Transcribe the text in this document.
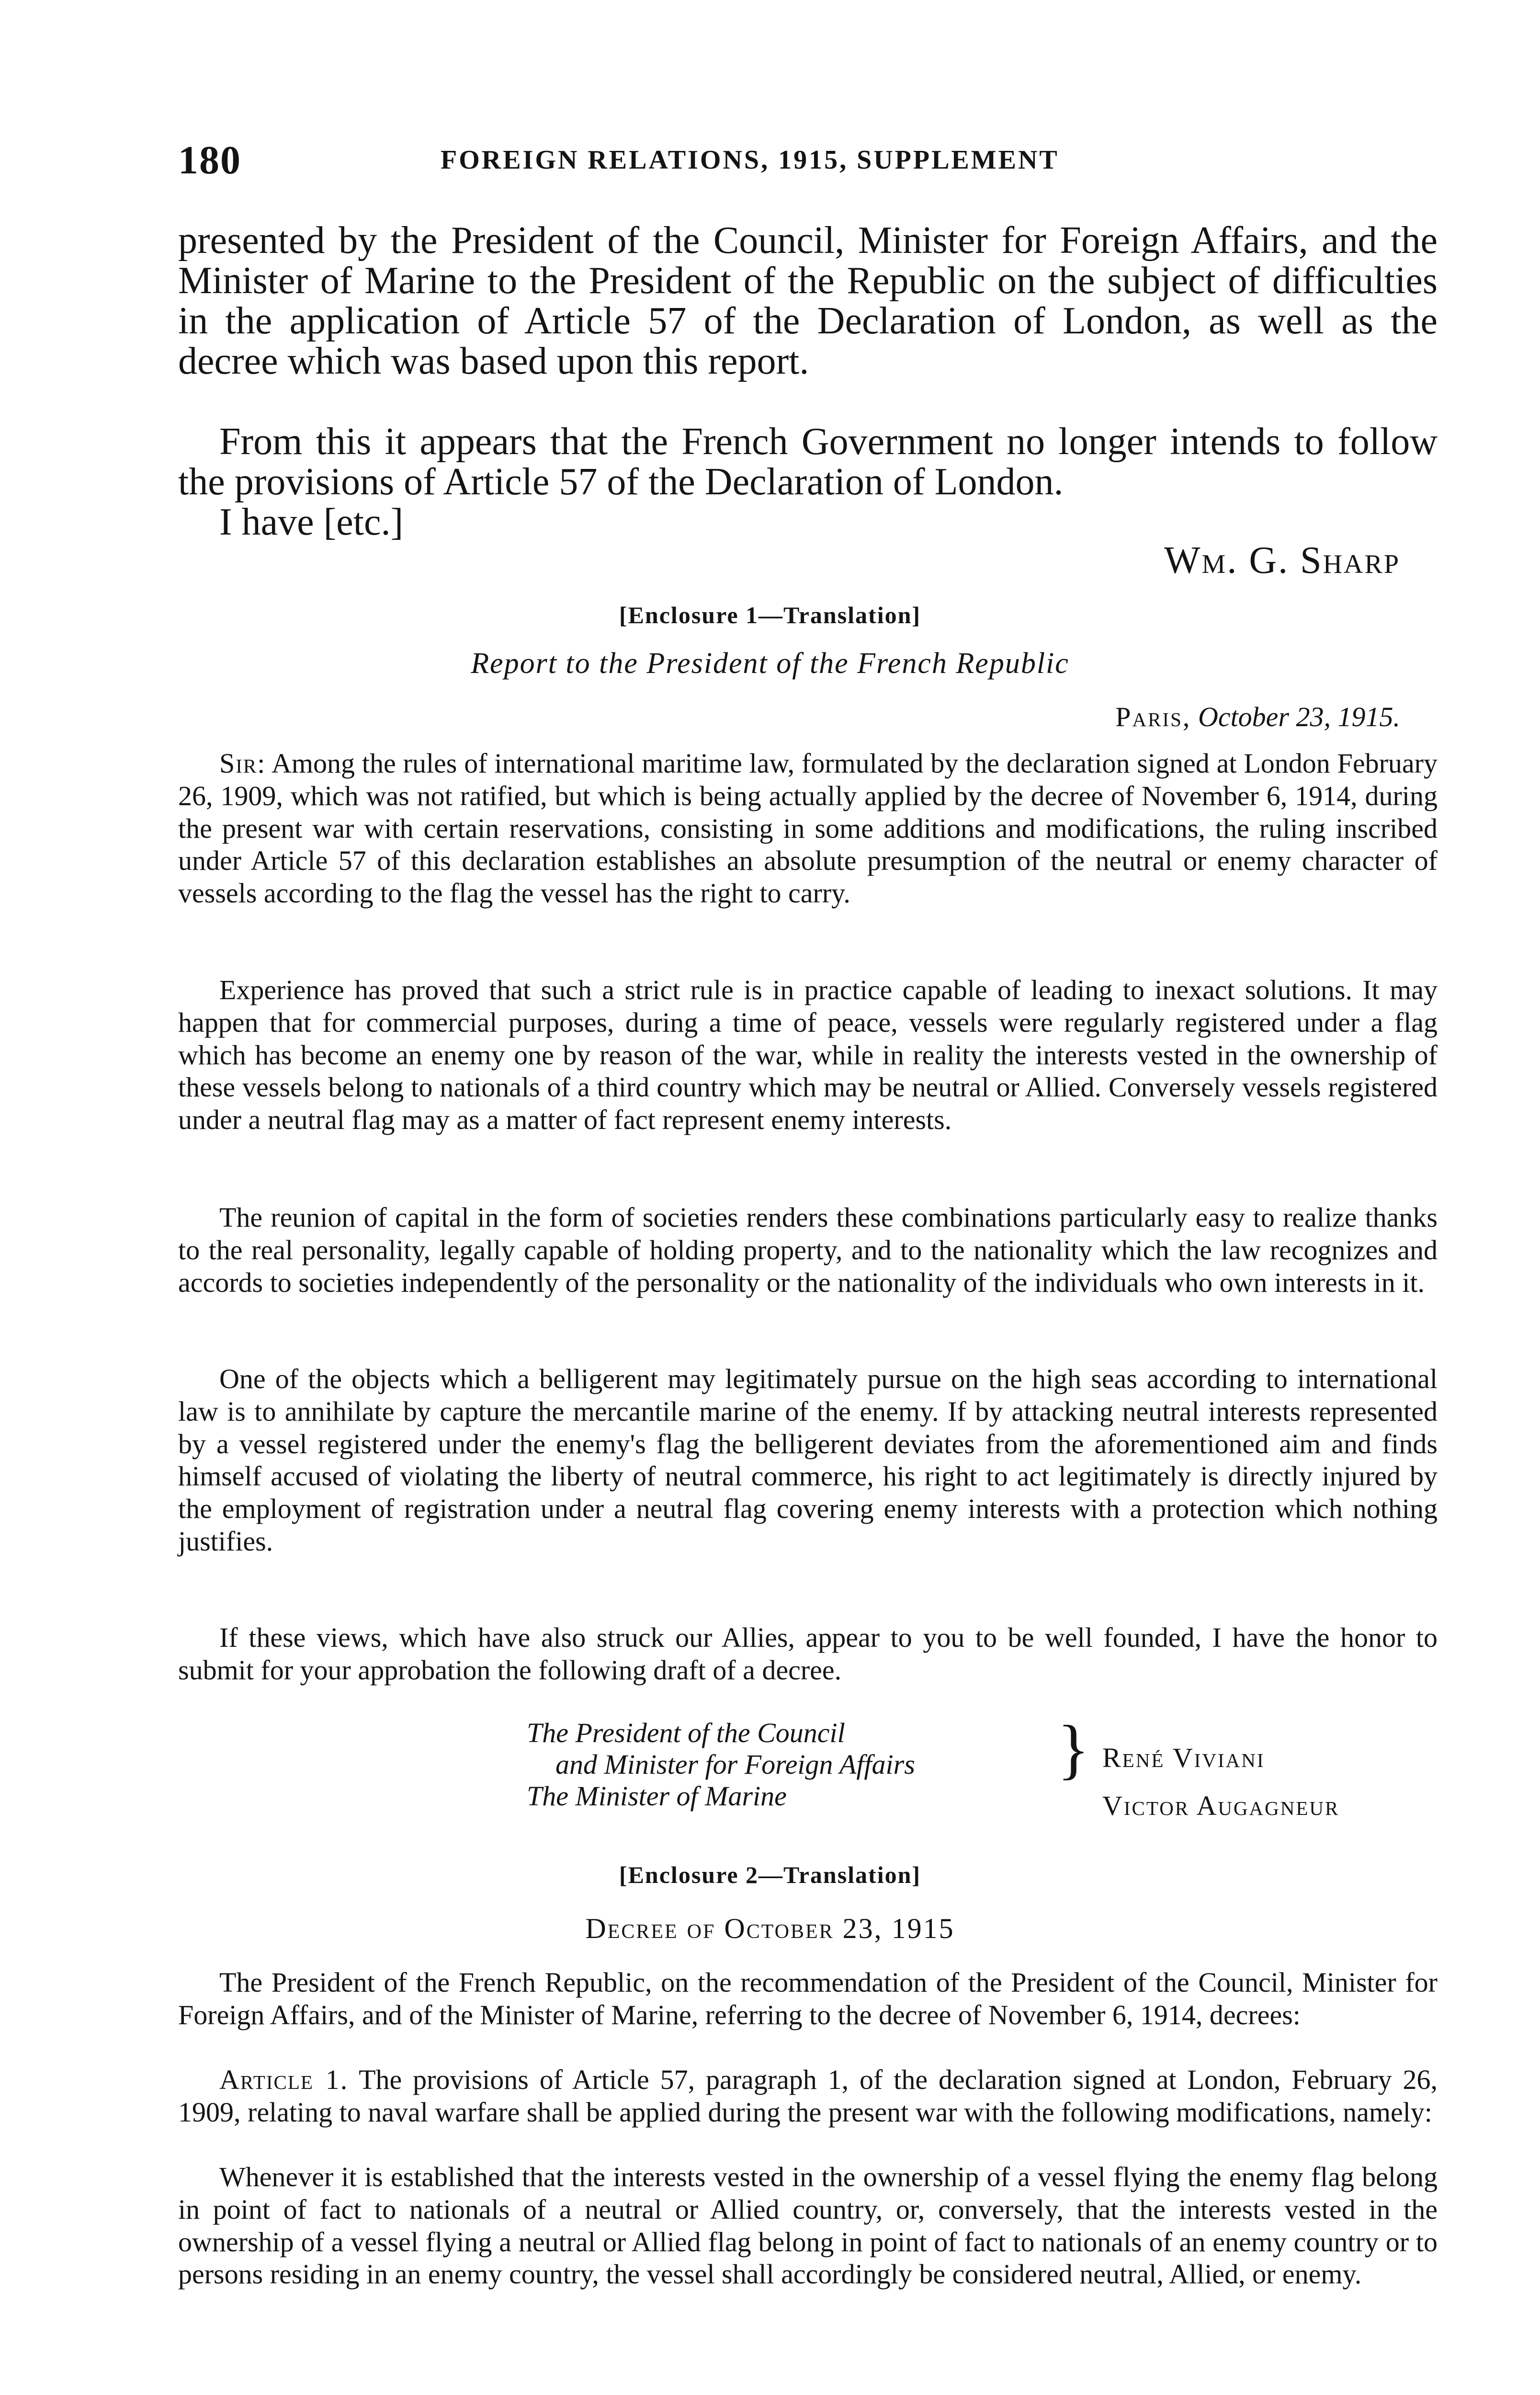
180	FOREIGN RELATIONS, 1915, SUPPLEMENT

presented by the President of the Council, Minister for Foreign Affairs, and the Minister of Marine to the President of the Republic on the subject of difficulties in the application of Article 57 of the Declaration of London, as well as the decree which was based upon this report.

From this it appears that the French Government no longer intends to follow the provisions of Article 57 of the Declaration of London.

I have [etc.]

Wm. G. Sharp
[Enclosure 1—Translation]
Report to the President of the French Republic
Paris, October 23, 1915.

Sir: Among the rules of international maritime law, formulated by the declaration signed at London February 26, 1909, which was not ratified, but which is being actually applied by the decree of November 6, 1914, during the present war with certain reservations, consisting in some additions and modifications, the ruling inscribed under Article 57 of this declaration establishes an absolute presumption of the neutral or enemy character of vessels according to the flag the vessel has the right to carry.

Experience has proved that such a strict rule is in practice capable of leading to inexact solutions. It may happen that for commercial purposes, during a time of peace, vessels were regularly registered under a flag which has become an enemy one by reason of the war, while in reality the interests vested in the ownership of these vessels belong to nationals of a third country which may be neutral or Allied. Conversely vessels registered under a neutral flag may as a matter of fact represent enemy interests.

The reunion of capital in the form of societies renders these combinations particularly easy to realize thanks to the real personality, legally capable of holding property, and to the nationality which the law recognizes and accords to societies independently of the personality or the nationality of the individuals who own interests in it.

One of the objects which a belligerent may legitimately pursue on the high seas according to international law is to annihilate by capture the mercantile marine of the enemy. If by attacking neutral interests represented by a vessel registered under the enemy's flag the belligerent deviates from the aforementioned aim and finds himself accused of violating the liberty of neutral commerce, his right to act legitimately is directly injured by the employment of registration under a neutral flag covering enemy interests with a protection which nothing justifies.

If these views, which have also struck our Allies, appear to you to be well founded, I have the honor to submit for your approbation the following draft of a decree.

The President of the Council
and Minister for Foreign Affairs
The Minister of Marine
} René Viviani
Victor Augagneur
[Enclosure 2—Translation]
Decree of October 23, 1915

The President of the French Republic, on the recommendation of the President of the Council, Minister for Foreign Affairs, and of the Minister of Marine, referring to the decree of November 6, 1914, decrees:

Article 1. The provisions of Article 57, paragraph 1, of the declaration signed at London, February 26, 1909, relating to naval warfare shall be applied during the present war with the following modifications, namely:

Whenever it is established that the interests vested in the ownership of a vessel flying the enemy flag belong in point of fact to nationals of a neutral or Allied country, or, conversely, that the interests vested in the ownership of a vessel flying a neutral or Allied flag belong in point of fact to nationals of an enemy country or to persons residing in an enemy country, the vessel shall accordingly be considered neutral, Allied, or enemy.
